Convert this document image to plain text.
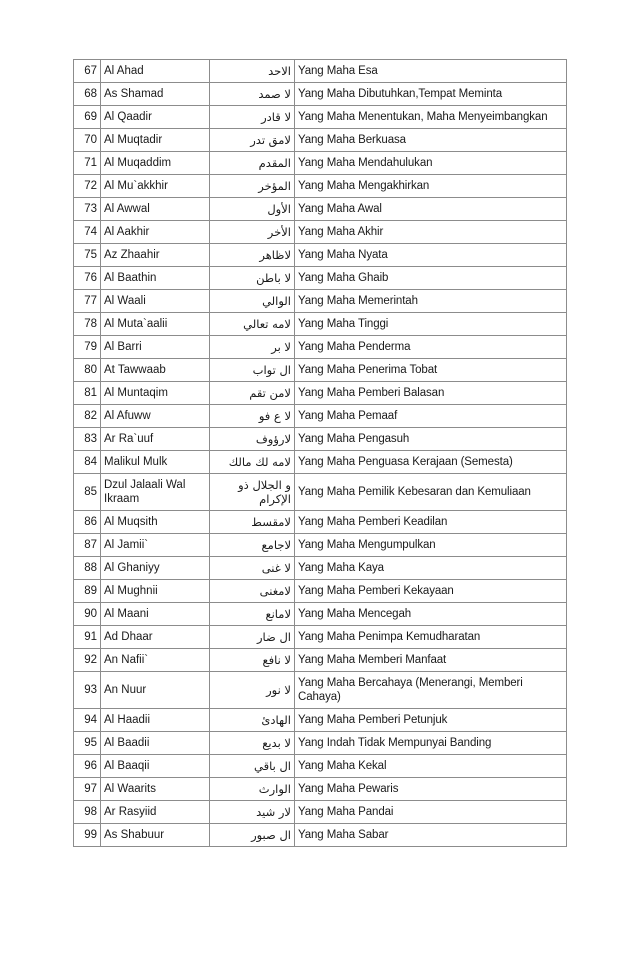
67	Al Ahad	الاحد	Yang Maha Esa
68	As Shamad	لا صمد	Yang Maha Dibutuhkan,Tempat Meminta
69	Al Qaadir	لا قادر	Yang Maha Menentukan, Maha Menyeimbangkan
70	Al Muqtadir	لامق تدر	Yang Maha Berkuasa
71	Al Muqaddim	المقدم	Yang Maha Mendahulukan
72	Al Mu`akkhir	المؤخر	Yang Maha Mengakhirkan
73	Al Awwal	الأول	Yang Maha Awal
74	Al Aakhir	الأخر	Yang Maha Akhir
75	Az Zhaahir	لاظاهر	Yang Maha Nyata
76	Al Baathin	لا باطن	Yang Maha Ghaib
77	Al Waali	الوالي	Yang Maha Memerintah
78	Al Muta`aalii	لامه تعالي	Yang Maha Tinggi
79	Al Barri	لا بر	Yang Maha Penderma
80	At Tawwaab	ال تواب	Yang Maha Penerima Tobat
81	Al Muntaqim	لامن تقم	Yang Maha Pemberi Balasan
82	Al Afuww	لا ع فو	Yang Maha Pemaaf
83	Ar Ra`uuf	لارؤوف	Yang Maha Pengasuh
84	Malikul Mulk	لامه لك مالك	Yang Maha Penguasa Kerajaan (Semesta)
85	Dzul Jalaali Wal Ikraam	و الجلال ذو الإكرام	Yang Maha Pemilik Kebesaran dan Kemuliaan
86	Al Muqsith	لامقسط	Yang Maha Pemberi Keadilan
87	Al Jamii`	لاجامع	Yang Maha Mengumpulkan
88	Al Ghaniyy	لا غنى	Yang Maha Kaya
89	Al Mughnii	لامغنى	Yang Maha Pemberi Kekayaan
90	Al Maani	لامانع	Yang Maha Mencegah
91	Ad Dhaar	ال ضار	Yang Maha Penimpa Kemudharatan
92	An Nafii`	لا نافع	Yang Maha Memberi Manfaat
93	An Nuur	لا نور	Yang Maha Bercahaya (Menerangi, Memberi Cahaya)
94	Al Haadii	الهادئ	Yang Maha Pemberi Petunjuk
95	Al Baadii	لا بديع	Yang Indah Tidak Mempunyai Banding
96	Al Baaqii	ال باقي	Yang Maha Kekal
97	Al Waarits	الوارث	Yang Maha Pewaris
98	Ar Rasyiid	لار شيد	Yang Maha Pandai
99	As Shabuur	ال صبور	Yang Maha Sabar
